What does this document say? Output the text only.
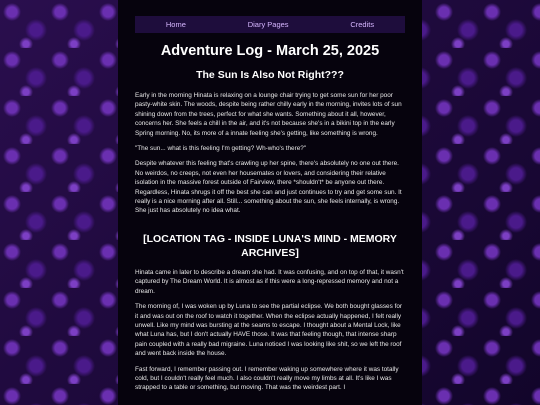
Home	Diary Pages	Credits
Adventure Log - March 25, 2025
The Sun Is Also Not Right???

Early in the morning Hinata is relaxing on a lounge chair trying to get some sun for her poor pasty-white skin. The woods, despite being rather chilly early in the morning, invites lots of sun shining down from the trees, perfect for what she wants. Something about it all, however, concerns her. She feels a chill in the air, and it's not because she's in a bikini top in the early Spring morning. No, its more of a innate feeling she's getting, like something is wrong.

"The sun... what is this feeling I'm getting? Wh-who's there?"

Despite whatever this feeling that's crawling up her spine, there's absolutely no one out there. No weirdos, no creeps, not even her housemates or lovers, and considering their relative isolation in the massive forest outside of Fairview, there *shouldn't* be anyone out there. Regardless, Hinata shrugs it off the best she can and just continues to try and get some sun. It really is a nice morning after all. Still... something about the sun, she feels internally, is wrong. She just has absolutely no idea what.

[LOCATION TAG - INSIDE LUNA'S MIND - MEMORY ARCHIVES]

Hinata came in later to describe a dream she had. It was confusing, and on top of that, it wasn't captured by The Dream World. It is almost as if this were a long-repressed memory and not a dream.

The morning of, I was woken up by Luna to see the partial eclipse. We both bought glasses for it and was out on the roof to watch it together. When the eclipse actually happened, I felt really unwell. Like my mind was bursting at the seams to escape. I thought about a Mental Lock, like what Luna has, but I don't actually HAVE those. It was that feeling though, that intense sharp pain coupled with a really bad migraine. Luna noticed I was looking like shit, so we left the roof and went back inside the house.

Fast forward, I remember passing out. I remember waking up somewhere where it was totally cold, but I couldn't really feel much. I also couldn't really move my limbs at all. It's like I was strapped to a table or something, but moving. That was the weirdest part. I
